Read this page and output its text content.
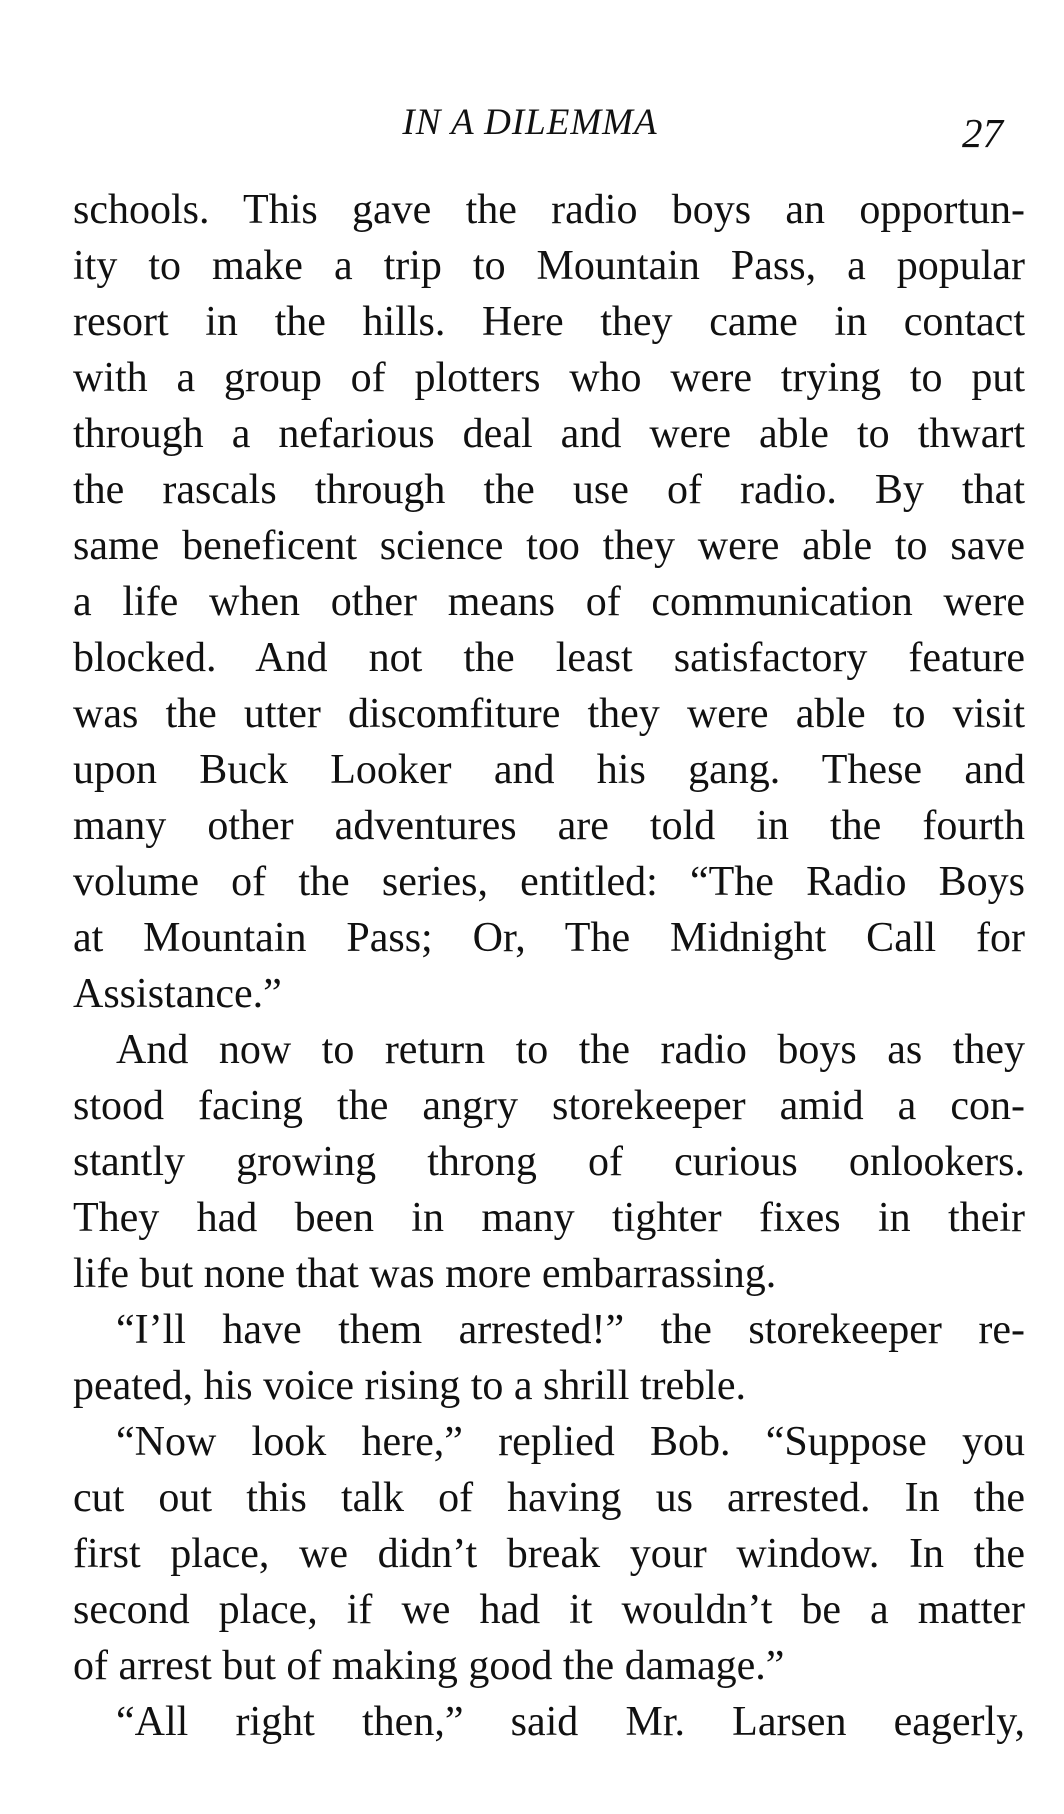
IN A DILEMMA	27
schools. This gave the radio boys an opportun-
ity to make a trip to Mountain Pass, a popular
resort in the hills. Here they came in contact
with a group of plotters who were trying to put
through a nefarious deal and were able to thwart
the rascals through the use of radio. By that
same beneficent science too they were able to save
a life when other means of communication were
blocked. And not the least satisfactory feature
was the utter discomfiture they were able to visit
upon Buck Looker and his gang. These and
many other adventures are told in the fourth
volume of the series, entitled: “The Radio Boys
at Mountain Pass; Or, The Midnight Call for
Assistance.”
And now to return to the radio boys as they
stood facing the angry storekeeper amid a con-
stantly growing throng of curious onlookers.
They had been in many tighter fixes in their
life but none that was more embarrassing.
“I’ll have them arrested!” the storekeeper re-
peated, his voice rising to a shrill treble.
“Now look here,” replied Bob. “Suppose you
cut out this talk of having us arrested. In the
first place, we didn’t break your window. In the
second place, if we had it wouldn’t be a matter
of arrest but of making good the damage.”
“All right then,” said Mr. Larsen eagerly,
